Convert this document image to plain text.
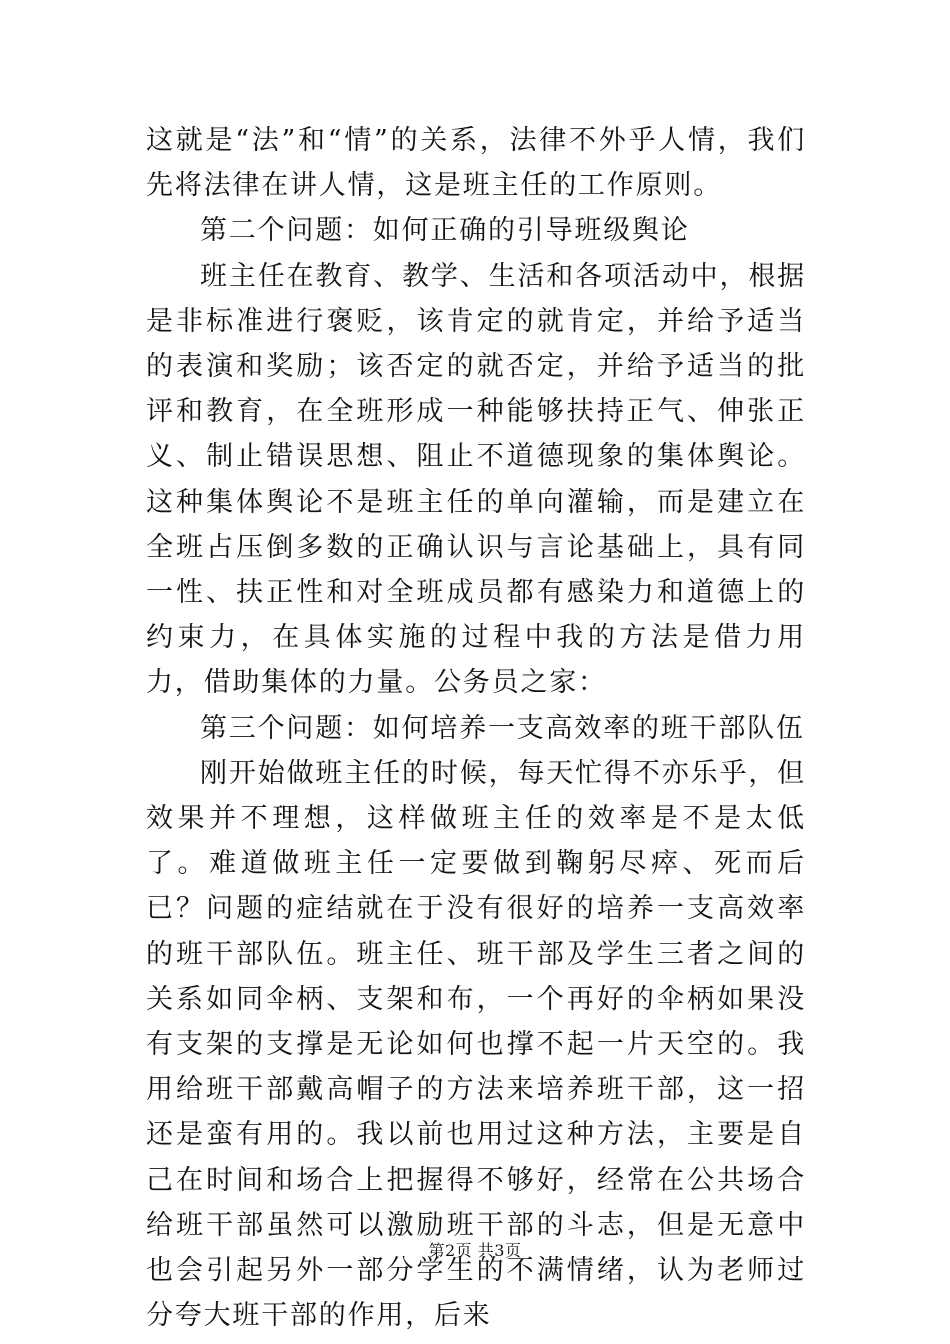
这就是“法”和“情”的关系，法律不外乎人情，我们先将法律在讲人情，这是班主任的工作原则。

第二个问题：如何正确的引导班级舆论

班主任在教育、教学、生活和各项活动中，根据是非标准进行褒贬，该肯定的就肯定，并给予适当的表演和奖励；该否定的就否定，并给予适当的批评和教育，在全班形成一种能够扶持正气、伸张正义、制止错误思想、阻止不道德现象的集体舆论。这种集体舆论不是班主任的单向灌输，而是建立在全班占压倒多数的正确认识与言论基础上，具有同一性、扶正性和对全班成员都有感染力和道德上的约束力，在具体实施的过程中我的方法是借力用力，借助集体的力量。公务员之家：

第三个问题：如何培养一支高效率的班干部队伍

刚开始做班主任的时候，每天忙得不亦乐乎，但效果并不理想，这样做班主任的效率是不是太低了。难道做班主任一定要做到鞠躬尽瘁、死而后已？问题的症结就在于没有很好的培养一支高效率的班干部队伍。班主任、班干部及学生三者之间的关系如同伞柄、支架和布，一个再好的伞柄如果没有支架的支撑是无论如何也撑不起一片天空的。我用给班干部戴高帽子的方法来培养班干部，这一招还是蛮有用的。我以前也用过这种方法，主要是自己在时间和场合上把握得不够好，经常在公共场合给班干部虽然可以激励班干部的斗志，但是无意中也会引起另外一部分学生的不满情绪，认为老师过分夸大班干部的作用，后来

第2页 共3页
